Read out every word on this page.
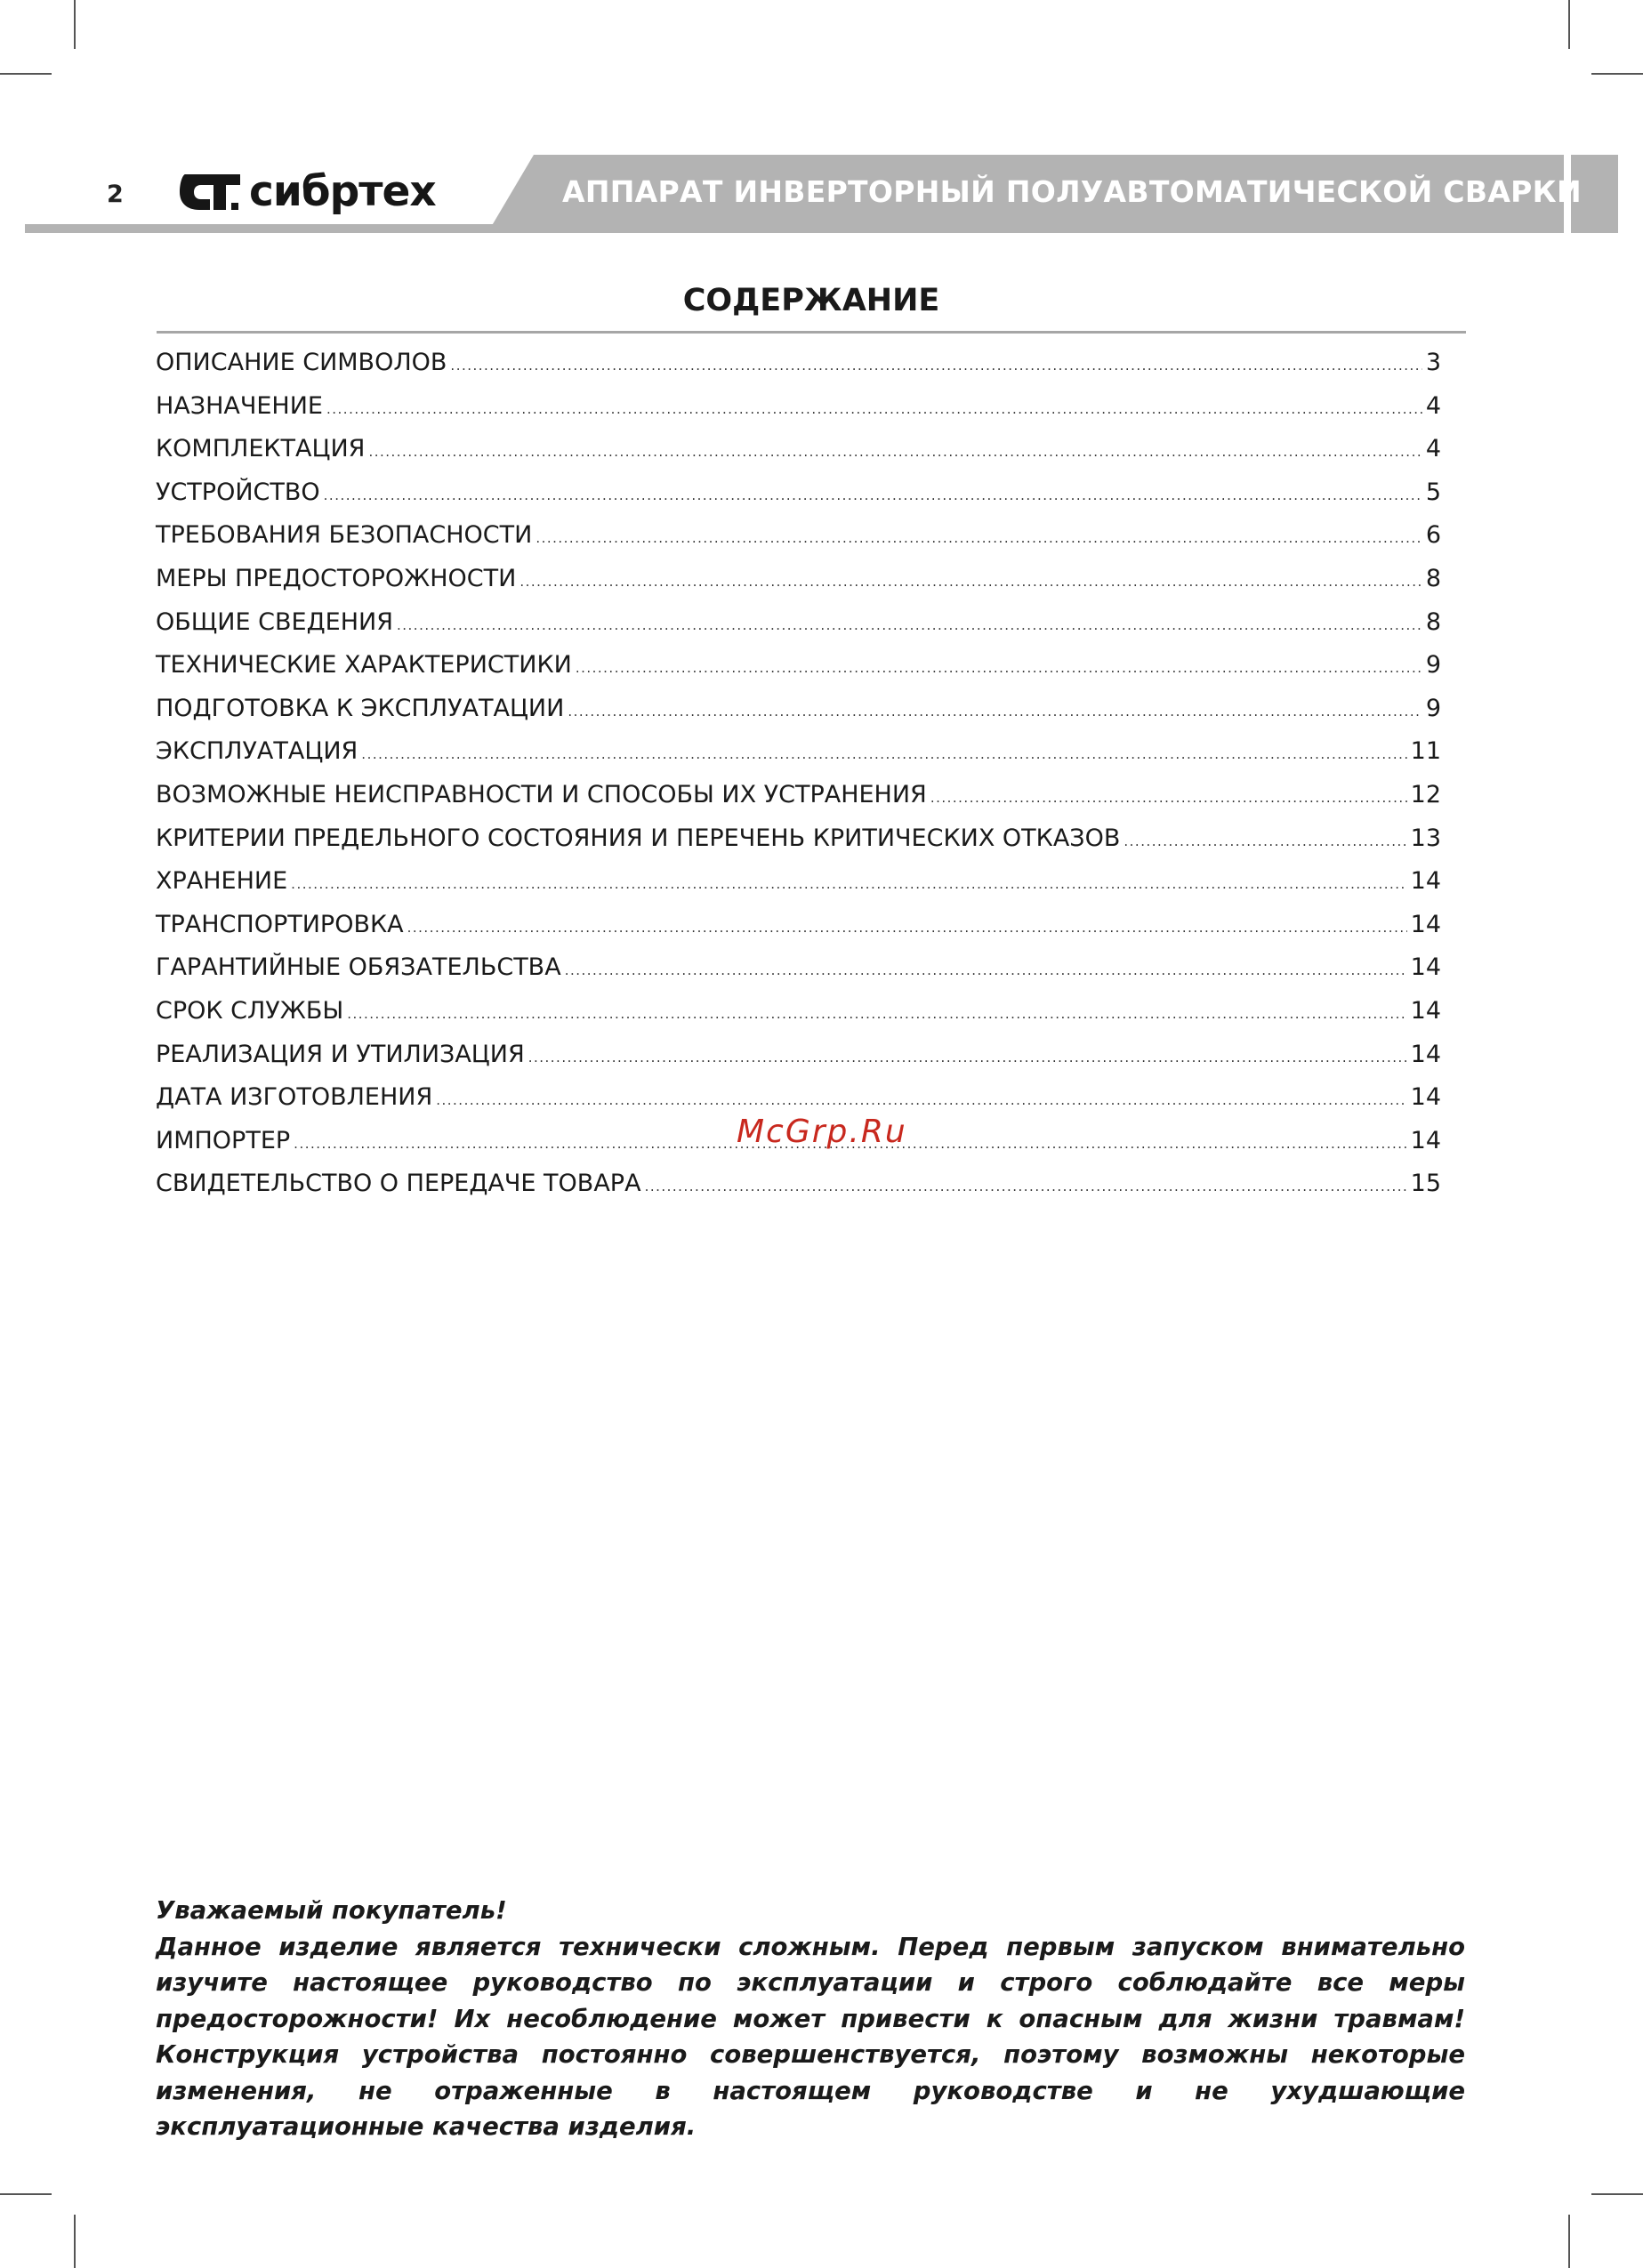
2	сибртех	АППАРАТ ИНВЕРТОРНЫЙ ПОЛУАВТОМАТИЧЕСКОЙ СВАРКИ
СОДЕРЖАНИЕ
ОПИСАНИЕ СИМВОЛОВ .....	3
НАЗНАЧЕНИЕ .....	4
КОМПЛЕКТАЦИЯ .....	4
УСТРОЙСТВО .....	5
ТРЕБОВАНИЯ БЕЗОПАСНОСТИ .....	6
МЕРЫ ПРЕДОСТОРОЖНОСТИ .....	8
ОБЩИЕ СВЕДЕНИЯ .....	8
ТЕХНИЧЕСКИЕ ХАРАКТЕРИСТИКИ .....	9
ПОДГОТОВКА К ЭКСПЛУАТАЦИИ .....	9
ЭКСПЛУАТАЦИЯ .....	11
ВОЗМОЖНЫЕ НЕИСПРАВНОСТИ И СПОСОБЫ ИХ УСТРАНЕНИЯ .....	12
КРИТЕРИИ ПРЕДЕЛЬНОГО СОСТОЯНИЯ И ПЕРЕЧЕНЬ КРИТИЧЕСКИХ ОТКАЗОВ .....	13
ХРАНЕНИЕ .....	14
ТРАНСПОРТИРОВКА .....	14
ГАРАНТИЙНЫЕ ОБЯЗАТЕЛЬСТВА .....	14
СРОК СЛУЖБЫ .....	14
РЕАЛИЗАЦИЯ И УТИЛИЗАЦИЯ .....	14
ДАТА ИЗГОТОВЛЕНИЯ .....	14
ИМПОРТЕР .....	14
СВИДЕТЕЛЬСТВО О ПЕРЕДАЧЕ ТОВАРА .....	15
McGrp.Ru
Уважаемый покупатель!
Данное изделие является технически сложным. Перед первым запуском внимательно изучите настоящее руководство по эксплуатации и строго соблюдайте все меры предосторожности! Их несоблюдение может привести к опасным для жизни травмам! Конструкция устройства постоянно совершенствуется, поэтому возможны некоторые изменения, не отраженные в настоящем руководстве и не ухудшающие эксплуатационные качества изделия.
